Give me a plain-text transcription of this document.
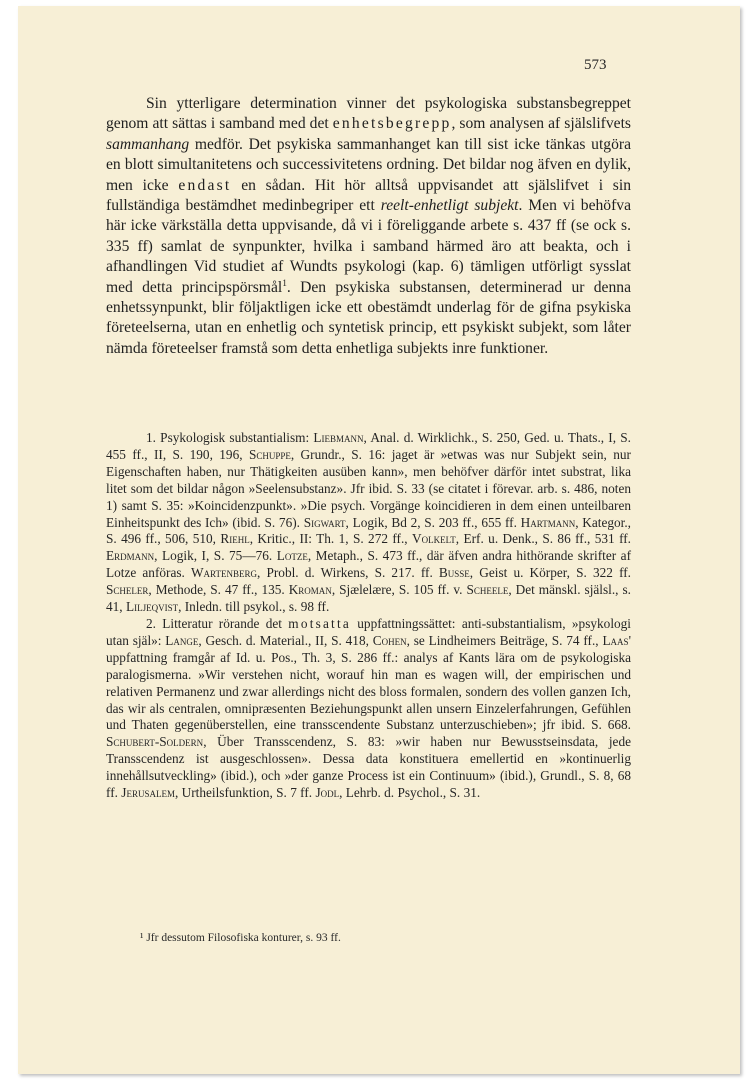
573

Sin ytterligare determination vinner det psykologiska substansbegreppet genom att sättas i samband med det enhetsbegrepp, som analysen af själslifvets sammanhang medför. Det psykiska sammanhanget kan till sist icke tänkas utgöra en blott simultanitetens och successivitetens ordning. Det bildar nog äfven en dylik, men icke endast en sådan. Hit hör alltså uppvisandet att själslifvet i sin fullständiga bestämdhet medinbegriper ett reelt-enhetligt subjekt. Men vi behöfva här icke värkställa detta uppvisande, då vi i föreliggande arbete s. 437 ff (se ock s. 335 ff) samlat de synpunkter, hvilka i samband härmed äro att beakta, och i afhandlingen Vid studiet af Wundts psykologi (kap. 6) tämligen utförligt sysslat med detta principspörsmål$^1$. Den psykiska substansen, determinerad ur denna enhetssynpunkt, blir följaktligen icke ett obestämdt underlag för de gifna psykiska företeelserna, utan en enhetlig och syntetisk princip, ett psykiskt subjekt, som låter nämda företeelser framstå som detta enhetliga subjekts inre funktioner.

1. Psykologisk substantialism: Liebmann, Anal. d. Wirklichk., S. 250, Ged. u. Thats., I, S. 455 ff., II, S. 190, 196, Schuppe, Grundr., S. 16: jaget är »etwas was nur Subjekt sein, nur Eigenschaften haben, nur Thätigkeiten ausüben kann», men behöfver därför intet substrat, lika litet som det bildar någon »Seelensubstanz». Jfr ibid. S. 33 (se citatet i förevar. arb. s. 486, noten 1) samt S. 35: »Koincidenzpunkt». »Die psych. Vorgänge koincidieren in dem einen unteilbaren Einheitspunkt des Ich» (ibid. S. 76). Sigwart, Logik, Bd 2, S. 203 ff., 655 ff. Hartmann, Kategor., S. 496 ff., 506, 510, Riehl, Kritic., II: Th. 1, S. 272 ff., Volkelt, Erf. u. Denk., S. 86 ff., 531 ff. Erdmann, Logik, I, S. 75—76. Lotze, Metaph., S. 473 ff., där äfven andra hithörande skrifter af Lotze anföras. Wartenberg, Probl. d. Wirkens, S. 217. ff. Busse, Geist u. Körper, S. 322 ff. Scheler, Methode, S. 47 ff., 135. Kroman, Sjælelære, S. 105 ff. v. Scheele, Det mänskl. själsl., s. 41, Liljeqvist, Inledn. till psykol., s. 98 ff.

2. Litteratur rörande det motsatta uppfattningssättet: anti-substantialism, »psykologi utan själ»: Lange, Gesch. d. Material., II, S. 418, Cohen, se Lindheimers Beiträge, S. 74 ff., Laas' uppfattning framgår af Id. u. Pos., Th. 3, S. 286 ff.: analys af Kants lära om de psykologiska paralogismerna. »Wir verstehen nicht, worauf hin man es wagen will, der empirischen und relativen Permanenz und zwar allerdings nicht des bloss formalen, sondern des vollen ganzen Ich, das wir als centralen, omnipræsenten Beziehungspunkt allen unsern Einzelerfahrungen, Gefühlen und Thaten gegenüberstellen, eine transscendente Substanz unterzuschieben»; jfr ibid. S. 668. Schubert-Soldern, Über Transscendenz, S. 83: »wir haben nur Bewusstseinsdata, jede Transscendenz ist ausgeschlossen». Dessa data konstituera emellertid en »kontinuerlig innehållsutveckling» (ibid.), och »der ganze Process ist ein Continuum» (ibid.), Grundl., S. 8, 68 ff. Jerusalem, Urtheilsfunktion, S. 7 ff. Jodl, Lehrb. d. Psychol., S. 31.

¹ Jfr dessutom Filosofiska konturer, s. 93 ff.
